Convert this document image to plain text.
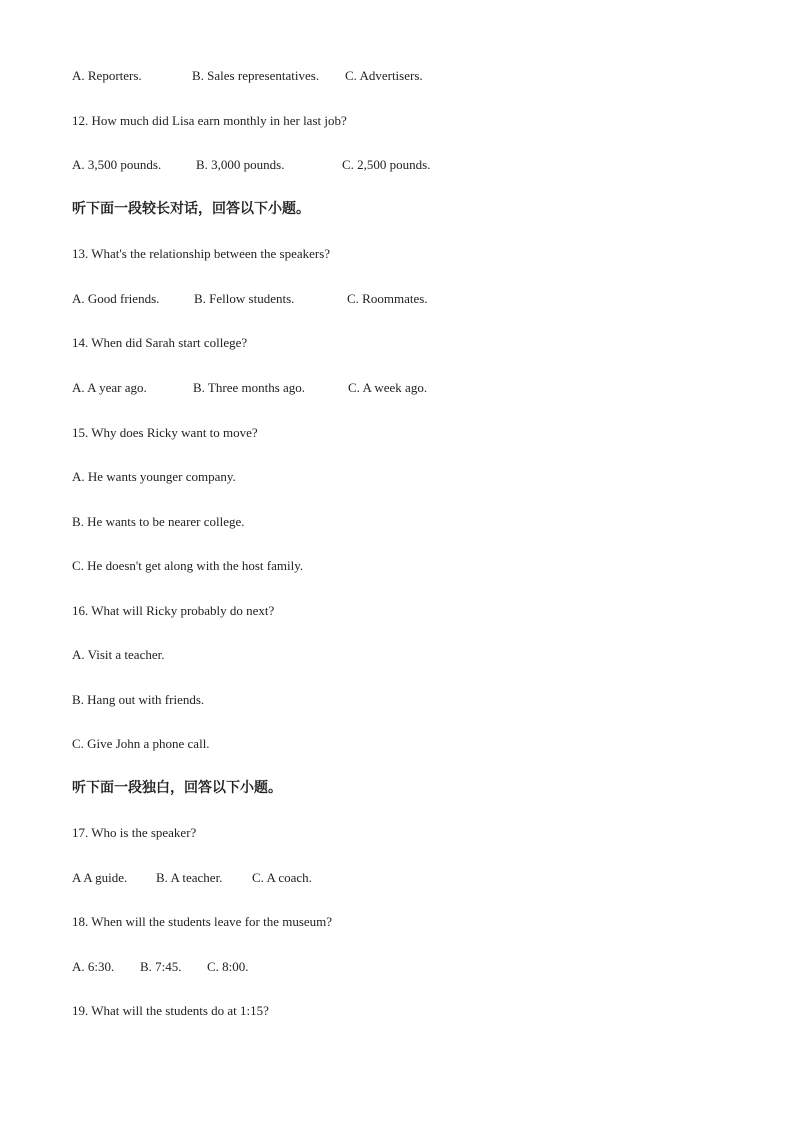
A. Reporters.	B. Sales representatives. C. Advertisers.
12. How much did Lisa earn monthly in her last job?
A. 3,500 pounds.	B. 3,000 pounds.	C. 2,500 pounds.
听下面一段较长对话，回答以下小题。
13. What's the relationship between the speakers?
A. Good friends.	B. Fellow students.	C. Roommates.
14. When did Sarah start college?
A. A year ago.	B. Three months ago.	C. A week ago.
15. Why does Ricky want to move?
A. He wants younger company.
B. He wants to be nearer college.
C. He doesn't get along with the host family.
16. What will Ricky probably do next?
A. Visit a teacher.
B. Hang out with friends.
C. Give John a phone call.
听下面一段独白，回答以下小题。
17. Who is the speaker?
A A guide. B. A teacher. C. A coach.
18. When will the students leave for the museum?
A. 6:30. B. 7:45. C. 8:00.
19. What will the students do at 1:15?
